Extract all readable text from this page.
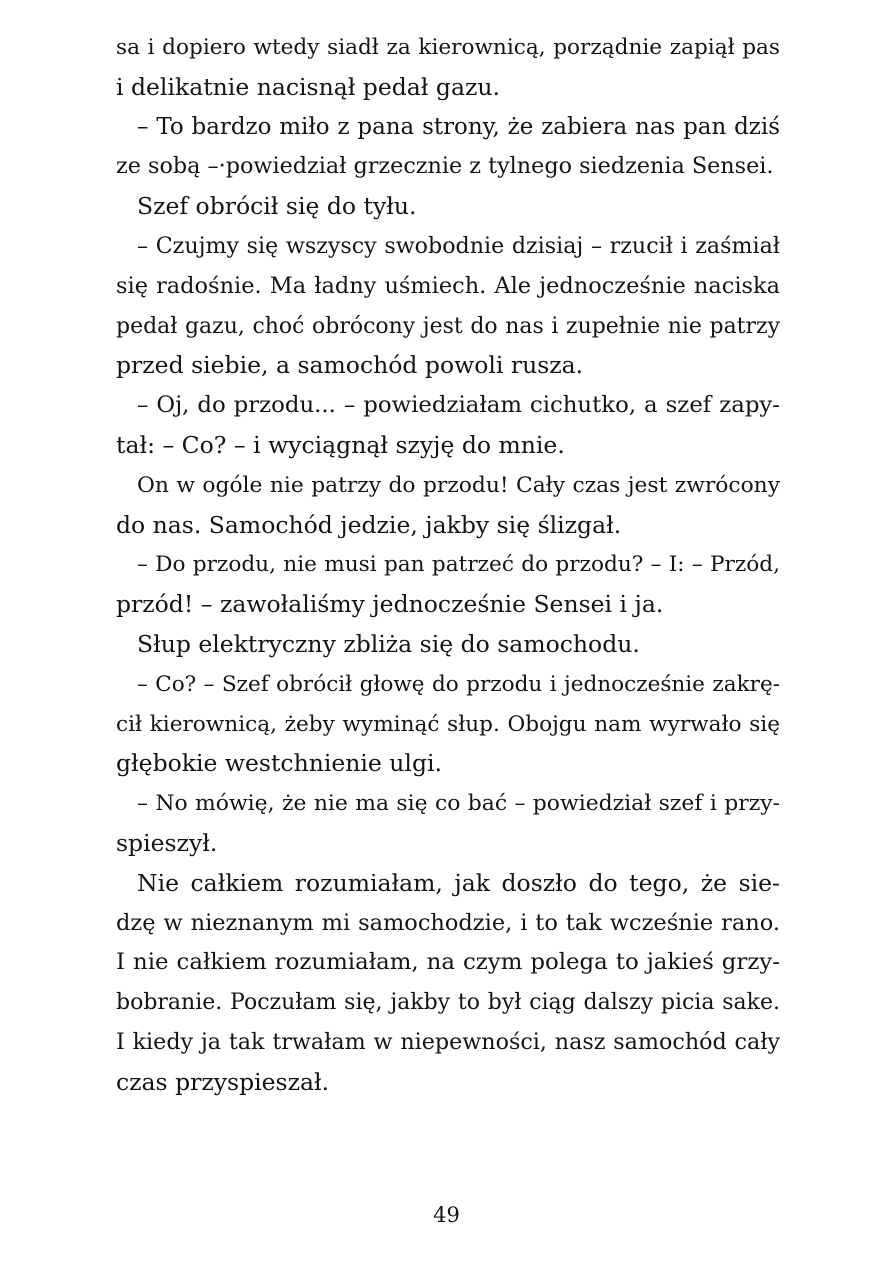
sa i dopiero wtedy siadł za kierownicą, porządnie zapiął pas
i delikatnie nacisnął pedał gazu.
– To bardzo miło z pana strony, że zabiera nas pan dziś
ze sobą –·powiedział grzecznie z tylnego siedzenia Sensei.
Szef obrócił się do tyłu.
– Czujmy się wszyscy swobodnie dzisiaj – rzucił i zaśmiał
się radośnie. Ma ładny uśmiech. Ale jednocześnie naciska
pedał gazu, choć obrócony jest do nas i zupełnie nie patrzy
przed siebie, a samochód powoli rusza.
– Oj, do przodu... – powiedziałam cichutko, a szef zapy-
tał: – Co? – i wyciągnął szyję do mnie.
On w ogóle nie patrzy do przodu! Cały czas jest zwrócony
do nas. Samochód jedzie, jakby się ślizgał.
– Do przodu, nie musi pan patrzeć do przodu? – I: – Przód,
przód! – zawołaliśmy jednocześnie Sensei i ja.
Słup elektryczny zbliża się do samochodu.
– Co? – Szef obrócił głowę do przodu i jednocześnie zakrę-
cił kierownicą, żeby wyminąć słup. Obojgu nam wyrwało się
głębokie westchnienie ulgi.
– No mówię, że nie ma się co bać – powiedział szef i przy-
spieszył.
Nie całkiem rozumiałam, jak doszło do tego, że sie-
dzę w nieznanym mi samochodzie, i to tak wcześnie rano.
I nie całkiem rozumiałam, na czym polega to jakieś grzy-
bobranie. Poczułam się, jakby to był ciąg dalszy picia sake.
I kiedy ja tak trwałam w niepewności, nasz samochód cały
czas przyspieszał.
49
